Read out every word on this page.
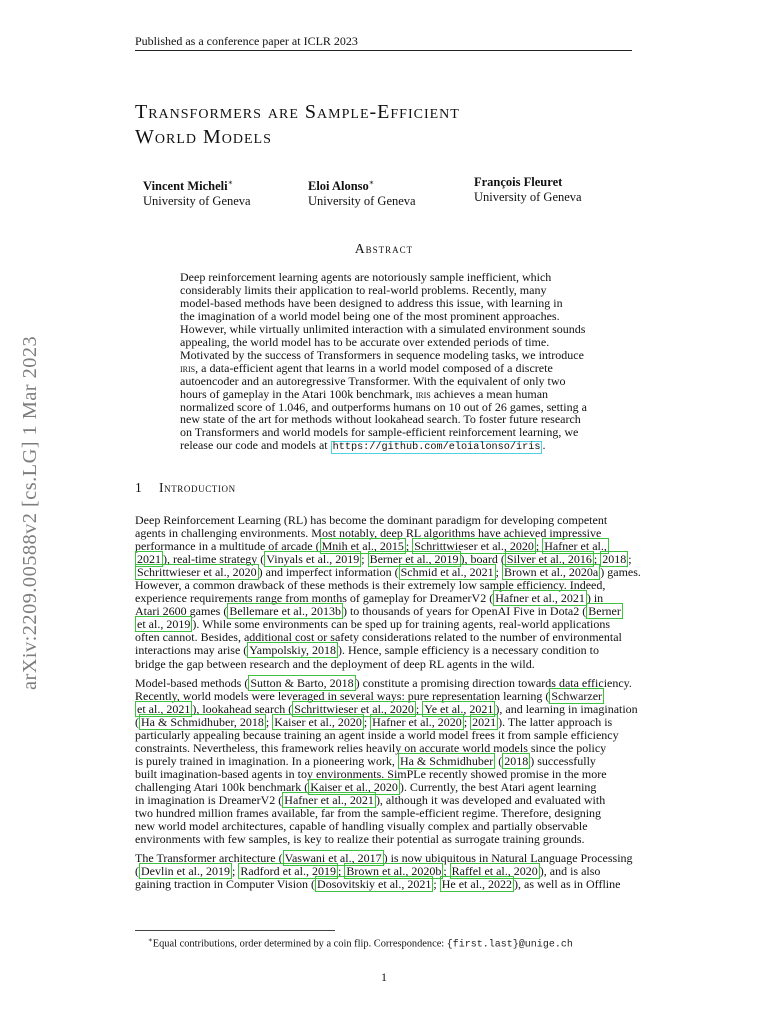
Published as a conference paper at ICLR 2023
arXiv:2209.00588v2 [cs.LG] 1 Mar 2023
Transformers are Sample-Efficient
World Models
Vincent Micheli∗
University of Geneva
Eloi Alonso∗
University of Geneva
François Fleuret
University of Geneva
Abstract
Deep reinforcement learning agents are notoriously sample inefficient, which
considerably limits their application to real-world problems. Recently, many
model-based methods have been designed to address this issue, with learning in
the imagination of a world model being one of the most prominent approaches.
However, while virtually unlimited interaction with a simulated environment sounds
appealing, the world model has to be accurate over extended periods of time.
Motivated by the success of Transformers in sequence modeling tasks, we introduce
iris, a data-efficient agent that learns in a world model composed of a discrete
autoencoder and an autoregressive Transformer. With the equivalent of only two
hours of gameplay in the Atari 100k benchmark, iris achieves a mean human
normalized score of 1.046, and outperforms humans on 10 out of 26 games, setting a
new state of the art for methods without lookahead search. To foster future research
on Transformers and world models for sample-efficient reinforcement learning, we
release our code and models at https://github.com/eloialonso/iris .
1 Introduction
Deep Reinforcement Learning (RL) has become the dominant paradigm for developing competent
agents in challenging environments. Most notably, deep RL algorithms have achieved impressive
performance in a multitude of arcade ( Mnih et al., 2015 ; Schrittwieser et al., 2020 ; Hafner et al.,
2021 ), real-time strategy ( Vinyals et al., 2019 ; Berner et al., 2019 ), board ( Silver et al., 2016 ; 2018 ;
Schrittwieser et al., 2020 ) and imperfect information ( Schmid et al., 2021 ; Brown et al., 2020a ) games.
However, a common drawback of these methods is their extremely low sample efficiency. Indeed,
experience requirements range from months of gameplay for DreamerV2 ( Hafner et al., 2021 ) in
Atari 2600 games ( Bellemare et al., 2013b ) to thousands of years for OpenAI Five in Dota2 ( Berner
et al., 2019 ). While some environments can be sped up for training agents, real-world applications
often cannot. Besides, additional cost or safety considerations related to the number of environmental
interactions may arise ( Yampolskiy, 2018 ). Hence, sample efficiency is a necessary condition to
bridge the gap between research and the deployment of deep RL agents in the wild.
Model-based methods ( Sutton & Barto, 2018 ) constitute a promising direction towards data efficiency.
Recently, world models were leveraged in several ways: pure representation learning ( Schwarzer
et al., 2021 ), lookahead search ( Schrittwieser et al., 2020 ; Ye et al., 2021 ), and learning in imagination
( Ha & Schmidhuber, 2018 ; Kaiser et al., 2020 ; Hafner et al., 2020 ; 2021 ). The latter approach is
particularly appealing because training an agent inside a world model frees it from sample efficiency
constraints. Nevertheless, this framework relies heavily on accurate world models since the policy
is purely trained in imagination. In a pioneering work, Ha & Schmidhuber ( 2018 ) successfully
built imagination-based agents in toy environments. SimPLe recently showed promise in the more
challenging Atari 100k benchmark ( Kaiser et al., 2020 ). Currently, the best Atari agent learning
in imagination is DreamerV2 ( Hafner et al., 2021 ), although it was developed and evaluated with
two hundred million frames available, far from the sample-efficient regime. Therefore, designing
new world model architectures, capable of handling visually complex and partially observable
environments with few samples, is key to realize their potential as surrogate training grounds.
The Transformer architecture ( Vaswani et al., 2017 ) is now ubiquitous in Natural Language Processing
( Devlin et al., 2019 ; Radford et al., 2019 ; Brown et al., 2020b ; Raffel et al., 2020 ), and is also
gaining traction in Computer Vision ( Dosovitskiy et al., 2021 ; He et al., 2022 ), as well as in Offline
∗Equal contributions, order determined by a coin flip. Correspondence: {first.last}@unige.ch
1
